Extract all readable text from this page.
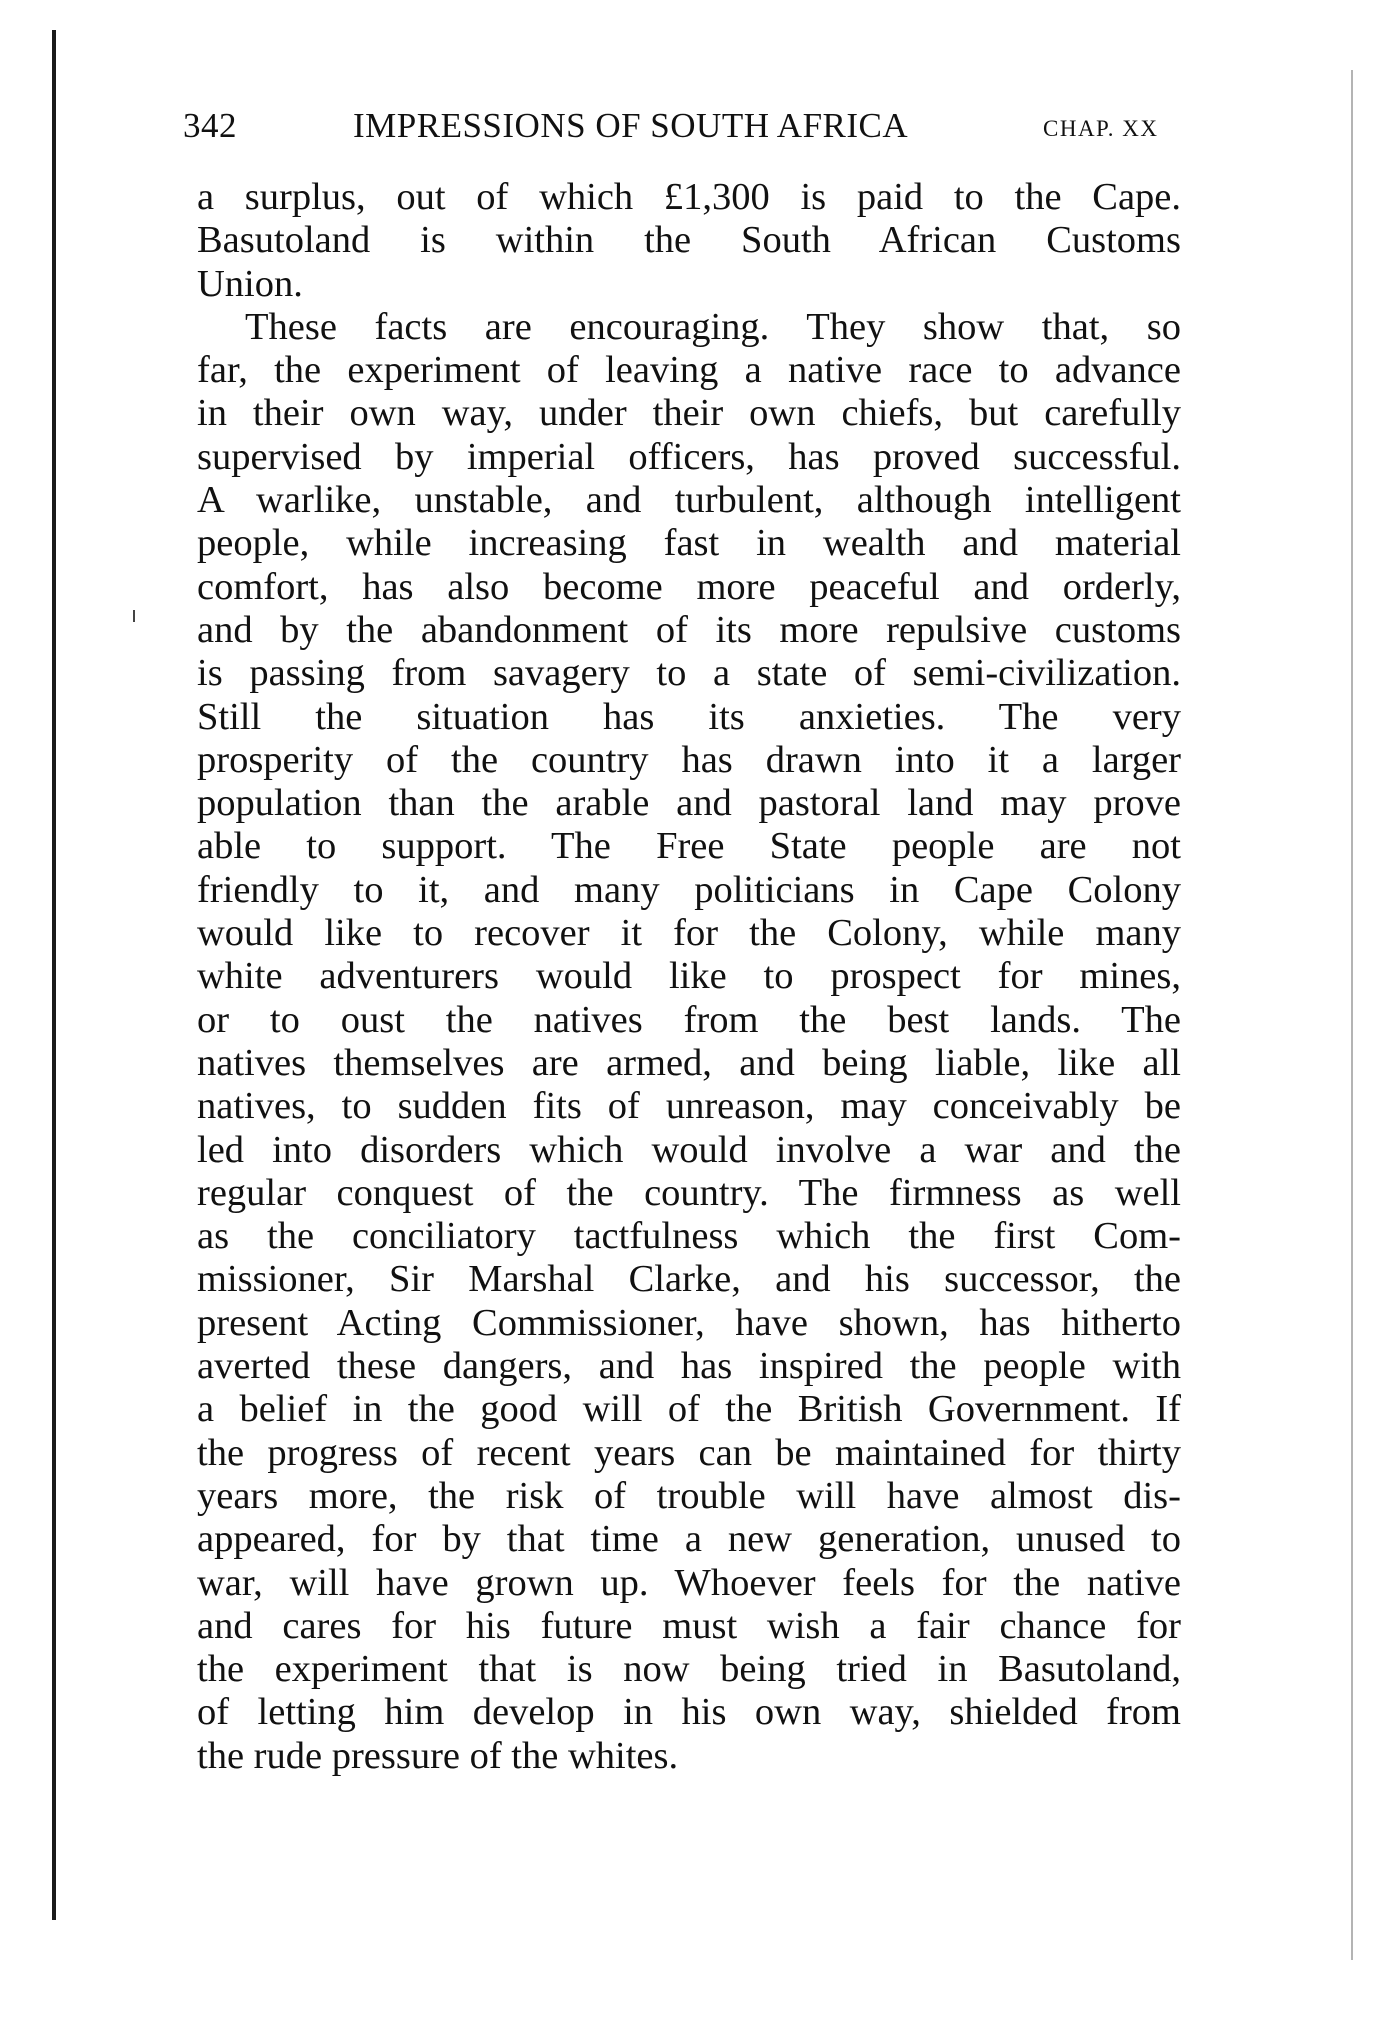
342	IMPRESSIONS OF SOUTH AFRICA	CHAP. XX
a surplus, out of which £1,300 is paid to the Cape.
Basutoland is within the South African Customs
Union.
These facts are encouraging. They show that, so
far, the experiment of leaving a native race to advance
in their own way, under their own chiefs, but carefully
supervised by imperial officers, has proved successful.
A warlike, unstable, and turbulent, although intelligent
people, while increasing fast in wealth and material
comfort, has also become more peaceful and orderly,
and by the abandonment of its more repulsive customs
is passing from savagery to a state of semi-civilization.
Still the situation has its anxieties. The very
prosperity of the country has drawn into it a larger
population than the arable and pastoral land may prove
able to support. The Free State people are not
friendly to it, and many politicians in Cape Colony
would like to recover it for the Colony, while many
white adventurers would like to prospect for mines,
or to oust the natives from the best lands. The
natives themselves are armed, and being liable, like all
natives, to sudden fits of unreason, may conceivably be
led into disorders which would involve a war and the
regular conquest of the country. The firmness as well
as the conciliatory tactfulness which the first Com-
missioner, Sir Marshal Clarke, and his successor, the
present Acting Commissioner, have shown, has hitherto
averted these dangers, and has inspired the people with
a belief in the good will of the British Government. If
the progress of recent years can be maintained for thirty
years more, the risk of trouble will have almost dis-
appeared, for by that time a new generation, unused to
war, will have grown up. Whoever feels for the native
and cares for his future must wish a fair chance for
the experiment that is now being tried in Basutoland,
of letting him develop in his own way, shielded from
the rude pressure of the whites.
